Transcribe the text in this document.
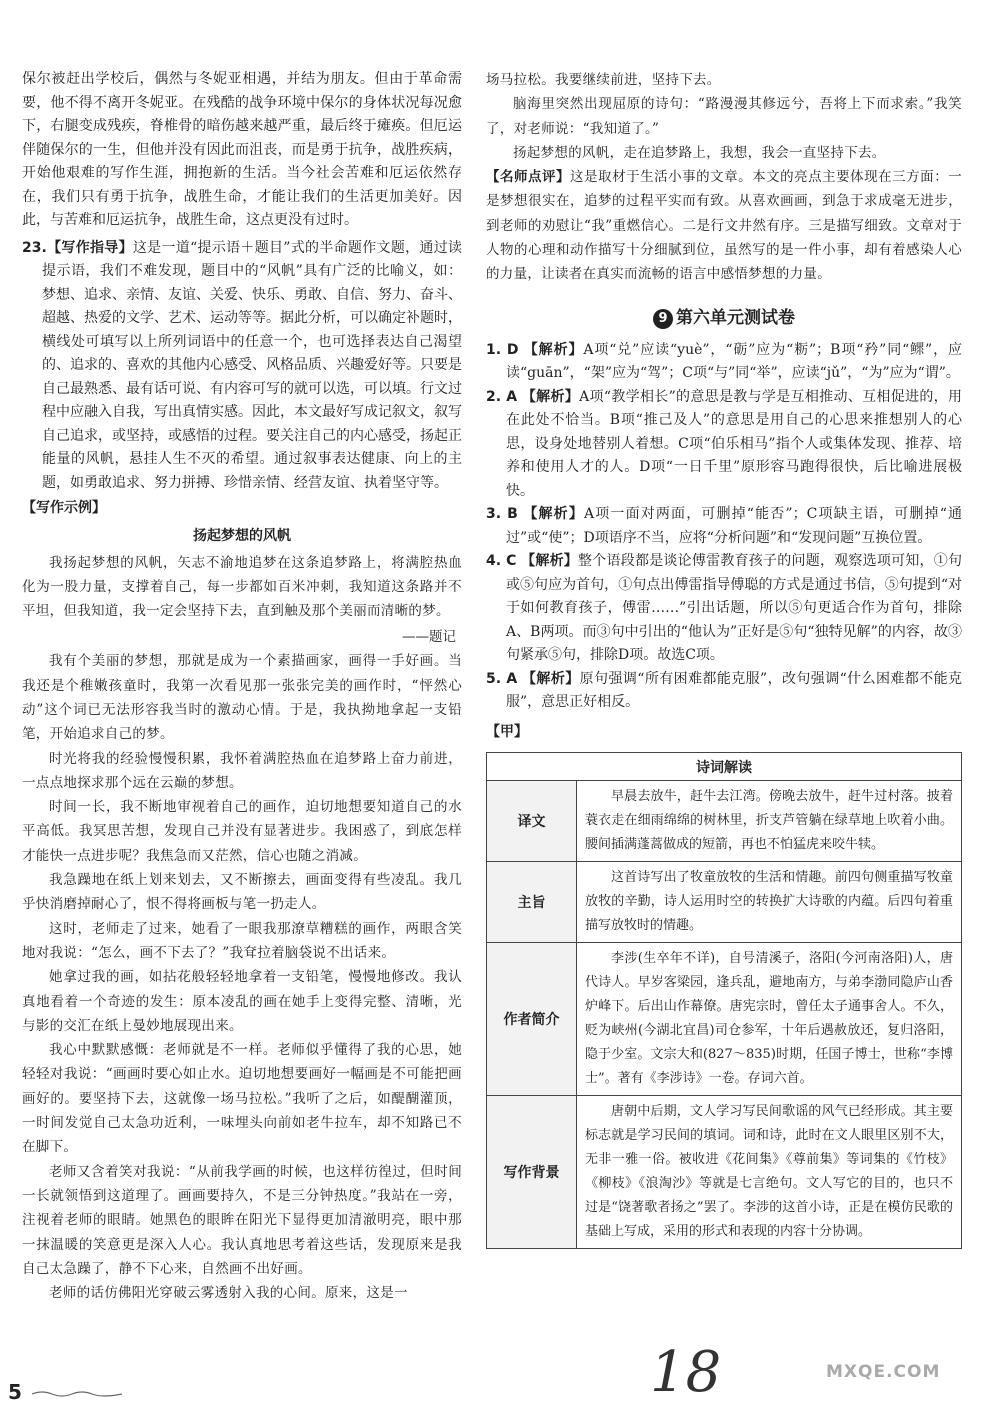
保尔被赶出学校后，偶然与冬妮亚相遇，并结为朋友。但由于革命需要，他不得不离开冬妮亚。在残酷的战争环境中保尔的身体状况每况愈下，右腿变成残疾，脊椎骨的暗伤越来越严重，最后终于瘫痪。但厄运伴随保尔的一生，但他并没有因此而沮丧，而是勇于抗争，战胜疾病，开始他艰难的写作生涯，拥抱新的生活。当今社会苦难和厄运依然存在，我们只有勇于抗争，战胜生命，才能让我们的生活更加美好。因此，与苦难和厄运抗争，战胜生命，这点更没有过时。

23.【写作指导】这是一道“提示语＋题目”式的半命题作文题，通过读提示语，我们不难发现，题目中的“风帆”具有广泛的比喻义，如：梦想、追求、亲情、友谊、关爱、快乐、勇敢、自信、努力、奋斗、超越、热爱的文学、艺术、运动等等。据此分析，可以确定补题时，横线处可填写以上所列词语中的任意一个，也可选择表达自己渴望的、追求的、喜欢的其他内心感受、风格品质、兴趣爱好等。只要是自己最熟悉、最有话可说、有内容可写的就可以选，可以填。行文过程中应融入自我，写出真情实感。因此，本文最好写成记叙文，叙写自己追求，或坚持，或感悟的过程。要关注自己的内心感受，扬起正能量的风帆，悬挂人生不灭的希望。通过叙事表达健康、向上的主题，如勇敢追求、努力拼搏、珍惜亲情、经营友谊、执着坚守等。

【写作示例】

扬起梦想的风帆

我扬起梦想的风帆，矢志不渝地追梦在这条追梦路上，将满腔热血化为一股力量，支撑着自己，每一步都如百米冲刺，我知道这条路并不平坦，但我知道，我一定会坚持下去，直到触及那个美丽而清晰的梦。

——题记

我有个美丽的梦想，那就是成为一个素描画家，画得一手好画。当我还是个稚嫩孩童时，我第一次看见那一张张完美的画作时，“怦然心动”这个词已无法形容我当时的激动心情。于是，我执拗地拿起一支铅笔，开始追求自己的梦。

时光将我的经验慢慢积累，我怀着满腔热血在追梦路上奋力前进，一点点地探求那个远在云巅的梦想。

时间一长，我不断地审视着自己的画作，迫切地想要知道自己的水平高低。我冥思苦想，发现自己并没有显著进步。我困惑了，到底怎样才能快一点进步呢？我焦急而又茫然，信心也随之消减。

我急躁地在纸上划来划去，又不断擦去，画面变得有些凌乱。我几乎快消磨掉耐心了，恨不得将画板与笔一扔走人。

这时，老师走了过来，她看了一眼我那潦草糟糕的画作，两眼含笑地对我说：“怎么，画不下去了？”我耷拉着脑袋说不出话来。

她拿过我的画，如拈花般轻轻地拿着一支铅笔，慢慢地修改。我认真地看着一个奇迹的发生：原本凌乱的画在她手上变得完整、清晰，光与影的交汇在纸上曼妙地展现出来。

我心中默默感慨：老师就是不一样。老师似乎懂得了我的心思，她轻轻对我说：“画画时要心如止水。迫切地想要画好一幅画是不可能把画画好的。要坚持下去，这就像一场马拉松。”我听了之后，如醍醐灌顶，一时间发觉自己太急功近利，一味埋头向前如老牛拉车，却不知路已不在脚下。

老师又含着笑对我说：“从前我学画的时候，也这样彷徨过，但时间一长就领悟到这道理了。画画要持久，不是三分钟热度。”我站在一旁，注视着老师的眼睛。她黑色的眼眸在阳光下显得更加清澈明亮，眼中那一抹温暖的笑意更是深入人心。我认真地思考着这些话，发现原来是我自己太急躁了，静不下心来，自然画不出好画。

老师的话仿佛阳光穿破云雾透射入我的心间。原来，这是一

场马拉松。我要继续前进，坚持下去。

脑海里突然出现屈原的诗句：“路漫漫其修远兮，吾将上下而求索。”我笑了，对老师说：“我知道了。”

扬起梦想的风帆，走在追梦路上，我想，我会一直坚持下去。

【名师点评】这是取材于生活小事的文章。本文的亮点主要体现在三方面：一是梦想很实在，追梦的过程平实而有致。从喜欢画画，到急于求成毫无进步，到老师的劝慰让“我”重燃信心。二是行文井然有序。三是描写细致。文章对于人物的心理和动作描写十分细腻到位，虽然写的是一件小事，却有着感染人心的力量，让读者在真实而流畅的语言中感悟梦想的力量。

9 第六单元测试卷

1. D 【解析】A项“兑”应读“yuè”，“砺”应为“粝”；B项“矜”同“鳏”，应读“guān”，“架”应为“驾”；C项“与”同“举”，应读“jǔ”，“为”应为“谓”。

2. A 【解析】A项“教学相长”的意思是教与学是互相推动、互相促进的，用在此处不恰当。B项“推己及人”的意思是用自己的心思来推想别人的心思，设身处地替别人着想。C项“伯乐相马”指个人或集体发现、推荐、培养和使用人才的人。D项“一日千里”原形容马跑得很快，后比喻进展极快。

3. B 【解析】A项一面对两面，可删掉“能否”；C项缺主语，可删掉“通过”或“使”；D项语序不当，应将“分析问题”和“发现问题”互换位置。

4. C 【解析】整个语段都是谈论傅雷教育孩子的问题，观察选项可知，①句或⑤句应为首句，①句点出傅雷指导傅聪的方式是通过书信，⑤句提到“对于如何教育孩子，傅雷……”引出话题，所以⑤句更适合作为首句，排除A、B两项。而③句中引出的“他认为”正好是⑤句“独特见解”的内容，故③句紧承⑤句，排除D项。故选C项。

5. A 【解析】原句强调“所有困难都能克服”，改句强调“什么困难都不能克服”，意思正好相反。

【甲】

诗词解读	
译文	早晨去放牛，赶牛去江湾。傍晚去放牛，赶牛过村落。披着蓑衣走在细雨绵绵的树林里，折支芦管躺在绿草地上吹着小曲。腰间插满蓬蒿做成的短箭，再也不怕猛虎来咬牛犊。
主旨	这首诗写出了牧童放牧的生活和情趣。前四句侧重描写牧童放牧的辛勤，诗人运用时空的转换扩大诗歌的内蕴。后四句着重描写放牧时的情趣。
作者简介	李涉(生卒年不详)，自号清溪子，洛阳(今河南洛阳)人，唐代诗人。早岁客梁园，逢兵乱，避地南方，与弟李渤同隐庐山香炉峰下。后出山作幕僚。唐宪宗时，曾任太子通事舍人。不久，贬为峡州(今湖北宜昌)司仓参军，十年后遇赦放还，复归洛阳，隐于少室。文宗大和(827～835)时期，任国子博士，世称“李博士”。著有《李涉诗》一卷。存词六首。
写作背景	唐朝中后期，文人学习写民间歌谣的风气已经形成。其主要标志就是学习民间的填词。词和诗，此时在文人眼里区别不大，无非一雅一俗。被收进《花间集》《尊前集》等词集的《竹枝》《柳枝》《浪淘沙》等就是七言绝句。文人写它的目的，也只不过是“饶著歌者扬之”罢了。李涉的这首小诗，正是在模仿民歌的基础上写成，采用的形式和表现的内容十分协调。
5	18	MXQE.COM
